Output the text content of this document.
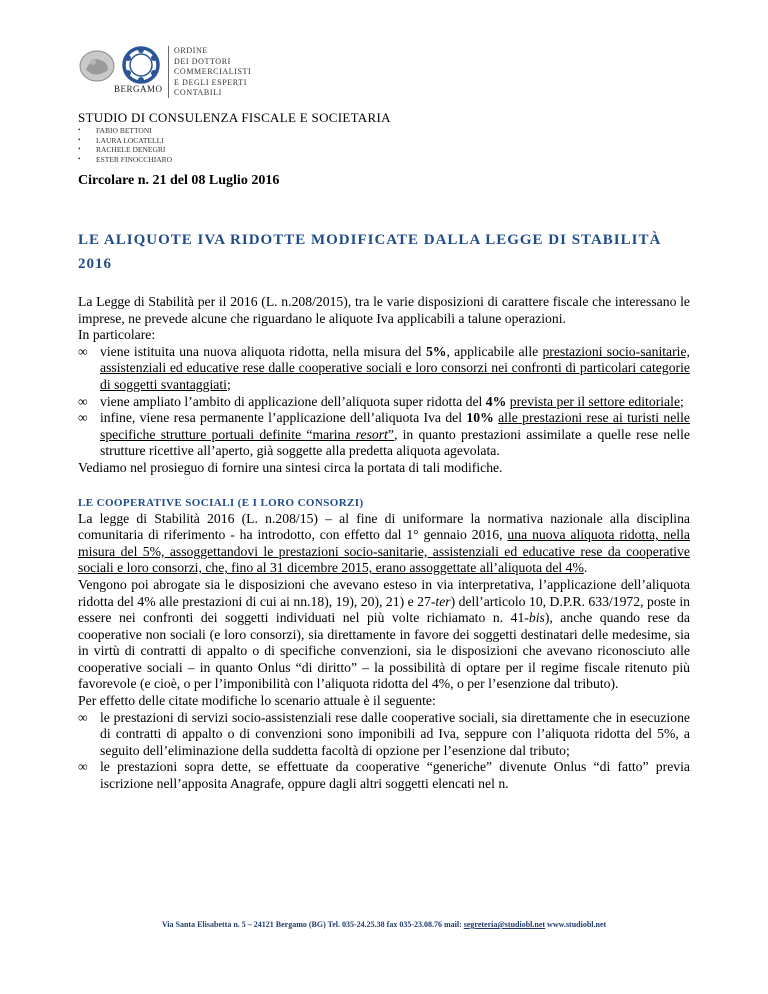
BERGAMO
ORDINE
DEI DOTTORI
COMMERCIALISTI
E DEGLI ESPERTI
CONTABILI
STUDIO DI CONSULENZA FISCALE E SOCIETARIA
• FABIO BETTONI
• LAURA LOCATELLI
• RACHELE DENEGRI
• ESTER FINOCCHIARO
Circolare n. 21 del 08 Luglio 2016
LE ALIQUOTE IVA RIDOTTE MODIFICATE DALLA LEGGE DI STABILITÀ 2016

La Legge di Stabilità per il 2016 (L. n.208/2015), tra le varie disposizioni di carattere fiscale che interessano le imprese, ne prevede alcune che riguardano le aliquote Iva applicabili a talune operazioni.

In particolare:

∞ viene istituita una nuova aliquota ridotta, nella misura del 5%, applicabile alle prestazioni socio-sanitarie, assistenziali ed educative rese dalle cooperative sociali e loro consorzi nei confronti di particolari categorie di soggetti svantaggiati;

∞ viene ampliato l’ambito di applicazione dell’aliquota super ridotta del 4% prevista per il settore editoriale;

∞ infine, viene resa permanente l’applicazione dell’aliquota Iva del 10% alle prestazioni rese ai turisti nelle specifiche strutture portuali definite “marina resort”, in quanto prestazioni assimilate a quelle rese nelle strutture ricettive all’aperto, già soggette alla predetta aliquota agevolata.

Vediamo nel prosieguo di fornire una sintesi circa la portata di tali modifiche.

LE COOPERATIVE SOCIALI (E I LORO CONSORZI)

La legge di Stabilità 2016 (L. n.208/15) – al fine di uniformare la normativa nazionale alla disciplina comunitaria di riferimento - ha introdotto, con effetto dal 1° gennaio 2016, una nuova aliquota ridotta, nella misura del 5%, assoggettandovi le prestazioni socio-sanitarie, assistenziali ed educative rese da cooperative sociali e loro consorzi, che, fino al 31 dicembre 2015, erano assoggettate all’aliquota del 4%.

Vengono poi abrogate sia le disposizioni che avevano esteso in via interpretativa, l’applicazione dell’aliquota ridotta del 4% alle prestazioni di cui ai nn.18), 19), 20), 21) e 27-ter) dell’articolo 10, D.P.R. 633/1972, poste in essere nei confronti dei soggetti individuati nel più volte richiamato n. 41-bis), anche quando rese da cooperative non sociali (e loro consorzi), sia direttamente in favore dei soggetti destinatari delle medesime, sia in virtù di contratti di appalto o di specifiche convenzioni, sia le disposizioni che avevano riconosciuto alle cooperative sociali – in quanto Onlus “di diritto” – la possibilità di optare per il regime fiscale ritenuto più favorevole (e cioè, o per l’imponibilità con l’aliquota ridotta del 4%, o per l’esenzione dal tributo).

Per effetto delle citate modifiche lo scenario attuale è il seguente:

∞ le prestazioni di servizi socio-assistenziali rese dalle cooperative sociali, sia direttamente che in esecuzione di contratti di appalto o di convenzioni sono imponibili ad Iva, seppure con l’aliquota ridotta del 5%, a seguito dell’eliminazione della suddetta facoltà di opzione per l’esenzione dal tributo;

∞ le prestazioni sopra dette, se effettuate da cooperative “generiche” divenute Onlus “di fatto” previa iscrizione nell’apposita Anagrafe, oppure dagli altri soggetti elencati nel n.

Via Santa Elisabetta n. 5 – 24121 Bergamo (BG) Tel. 035-24.25.38 fax 035-23.08.76 mail: segreteria@studiobl.net www.studiobl.net
